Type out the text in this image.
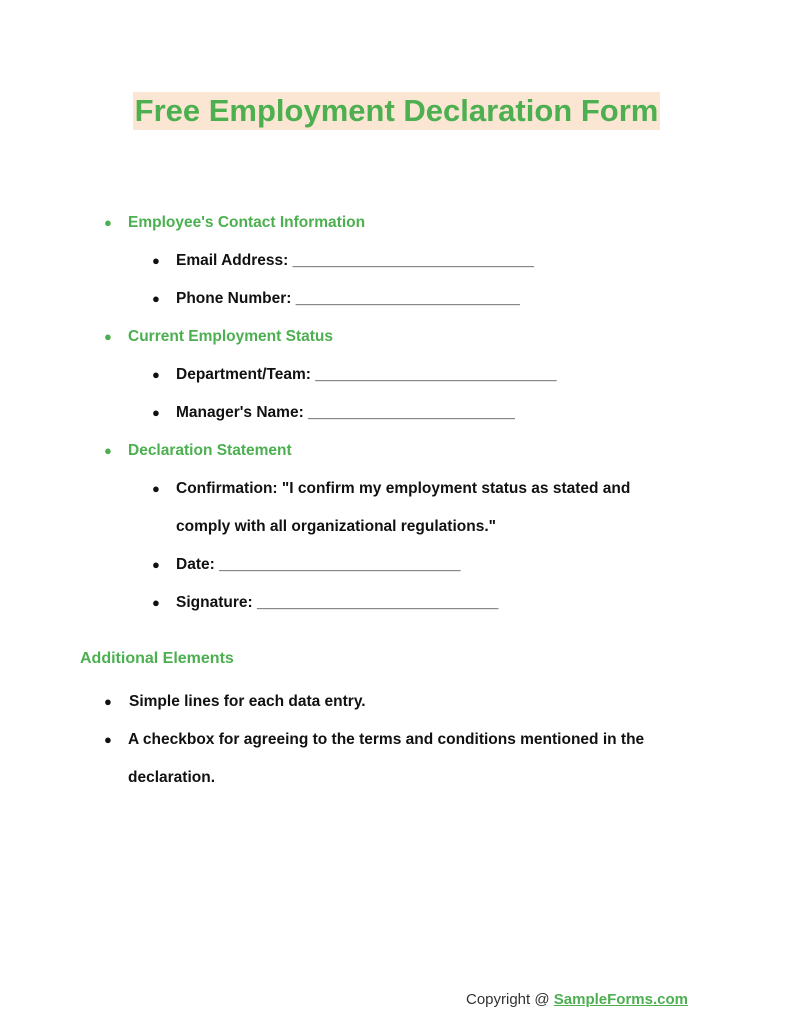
Free Employment Declaration Form
● Employee's Contact Information
● Email Address: ____________________________
● Phone Number: __________________________
● Current Employment Status
● Department/Team: ____________________________
● Manager's Name: ________________________
● Declaration Statement
● Confirmation: "I confirm my employment status as stated and
comply with all organizational regulations."
● Date: ____________________________
● Signature: ____________________________
Additional Elements
● Simple lines for each data entry.
● A checkbox for agreeing to the terms and conditions mentioned in the
declaration.
Copyright @ SampleForms.com
